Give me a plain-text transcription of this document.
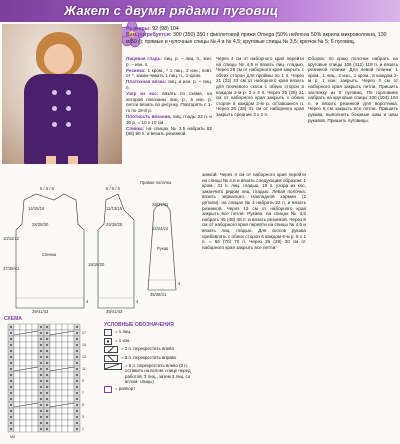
Жакет с двумя рядами пуговиц
Размеры: 92 (98) 104
Вам потребуется: 300 (350) 350 г фиолетовой пряжи Omega (50% нейлона 50% акрила микроволокна, 130 м/50 г); прямые и чулочные спицы № 4 и № 4,5; круговые спицы № 3,5; крючок № 5; 6 пуговиц.

Лицевая гладь: лиц. р. – лиц. п., изн. р. – изн. п.

Резинка: 1 кром., * 1 лиц., 2 изн.; повт. от *, закан-чивать 1 лиц. п., 1 кром.

Платочная вязка: лиц. и изн. р. – лиц. п.

Узор из кос: вязать по схеме, на которой показаны лиц. р., в изн. р. петли вязать по рисунку. Повторять с 1-го по 18-й р.

Плотность вязания, лиц. гладь: 22 п. и 30 р. = 10 х 10 см.

Спинка: на спицах № 3,5 набрать 82 (86) 90 п. и вязать резинкой.

Через 4 см от наборного края перейти на спицы № 4,5 и вязать лиц. гладью. Через 28 см от наборного края закрыть с обеих сторон для проймы по 1 п. Через 21 (22) 23 см от наборного края вязать для плечевого скоса с обеих сторон в каждом 2-м р. 2 х 4 п. Через 26 (28) 31 см от наборного края закрыть с обеих сторон в каждом 2-м р. оставшиеся п. Через 26 (28) 31 см от наборного края закрыть средние 3 х 2 п.

Сборка: по краю полочек набрать на круговые спицы 106 (112) 118 п. и вязать резинкой планки. Для левой планки: 1 кром., 1 лиц., 2 изн., 1 кром.; в каждом 2-м р. 1 изн. закрыть. Через 3 см от наборного края закрыть петли. Пришить застежку из 6 пуговиц. По горловине набрать на круговые спицы 100 (104) 104 п. и вязать резинкой для воротника. Через 6 см закрыть все петли. Пришить рукава, выполнить боковые швы и швы рукавов. Пришить пуговицы.

зинкой. Через 4 см от наборного края перейти на спицы № 4,5 и вязать следующим образом: 1 кром., 31 п. лиц. гладью, 19 п. узора из кос, закончить рядом лиц. гладью. Левая полочка: вязать зеркально. Накладной карман (2 детали): на спицах № 4 набрать 22 п. и вязать резинкой. Через 13 см от наборного края закрыть все петли. Рукава: на спицах № 3,5 набрать 45 (48) 48 п. и вязать резинкой. Через 8 см от наборного края перейти на спицы № 4,5 и вязать лиц. гладью. Для скосов рукава прибавлять с обеих сторон в каждом 6-м р. 8 х 1 п. = 66 (70) 70 п. Через 26 (28) 30 см от наборного края закрыть все петли.

Спинка
Правая полочка
Рукав
6 / 6 / 6
14/15/16
28/28/30
39/41/43
10/11/12
37/39/41
4
6 / 6 / 6
11/13/15
24/28/28
39/41/43
18/19/20
4
28/31/31
22/24/24
35/38/41
4
СХЕМА
17
15
13
11
9
7
5
3
1
M5
УСЛОВНЫЕ ОБОЗНАЧЕНИЯ
= 1 лиц.
= 1 изн.
= 3 п. перекрестить влево
= 3 п. перекрестить вправо
= 6 п. перекрестить влево (3 п. оставить на вспом. спице перед работой, 3 лиц., затем 3 лиц. со вспом. спицы)
= раппорт
